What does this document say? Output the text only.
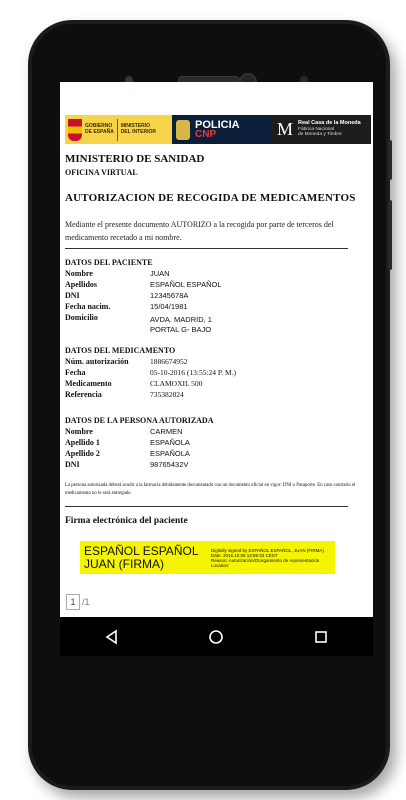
GOBIERNO
DE ESPAÑA
MINISTERIO
DEL INTERIOR
POLICIA
CNP	M Real Casa de la Moneda
Fábrica Nacional
de Moneda y Timbre
MINISTERIO DE SANIDAD
OFICINA VIRTUAL
AUTORIZACION DE RECOGIDA DE MEDICAMENTOS
Mediante el presente documento AUTORIZO a la recogida por parte de terceros del medicamento recetado a mi nombre.
DATOS DEL PACIENTE
Nombre	JUAN
Apellidos	ESPAÑOL ESPAÑOL
DNI	12345678A
Fecha nacim.	15/04/1981
Domicilio	AVDA. MADRID, 1
PORTAL G- BAJO
DATOS DEL MEDICAMENTO
Núm. autorización	1886674952
Fecha	05-10-2016 (13:55:24 P. M.)
Medicamento	CLAMOXIL 500
Referencia	735382824
DATOS DE LA PERSONA AUTORIZADA
Nombre	CARMEN
Apellido 1	ESPAÑOLA
Apellido 2	ESPAÑOLA
DNI	98765432V
La persona autorizada deberá acudir a la farmacia debidamente documentado con un documento oficial en vigor: DNI o Pasaporte. En caso contrario el medicamento no le será entregado.
Firma electrónica del paciente
ESPAÑOL ESPAÑOL
JUAN (FIRMA)
Digitally signed by ESPAÑOL ESPAÑOL, JUAN (FIRMA)
Date: 2016.10.05 13:55:33 CEST
Reason: Autorización/Otorgamiento de representación
Location:
1 /1
